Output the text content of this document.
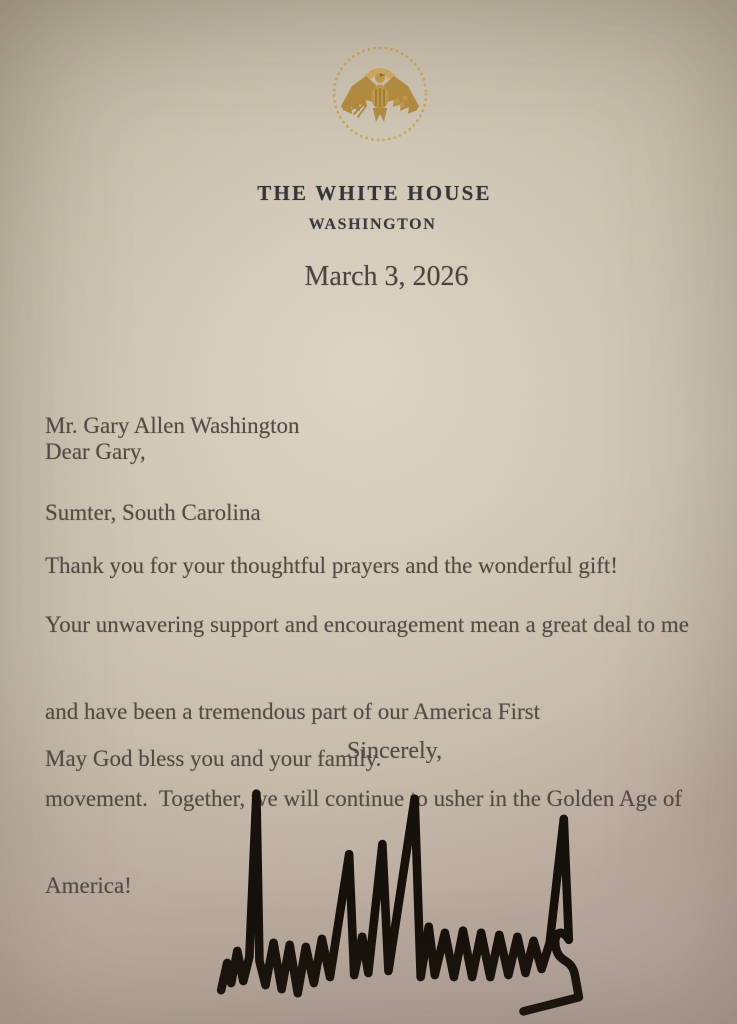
THE WHITE HOUSE
WASHINGTON
March 3, 2026

Mr. Gary Allen Washington

Sumter, South Carolina

Dear Gary,

Thank you for your thoughtful prayers and the wonderful gift!

Your unwavering support and encouragement mean a great deal to me

and have been a tremendous part of our America First

movement.  Together, we will continue to usher in the Golden Age of

America!

May God bless you and your family.

Sincerely,
